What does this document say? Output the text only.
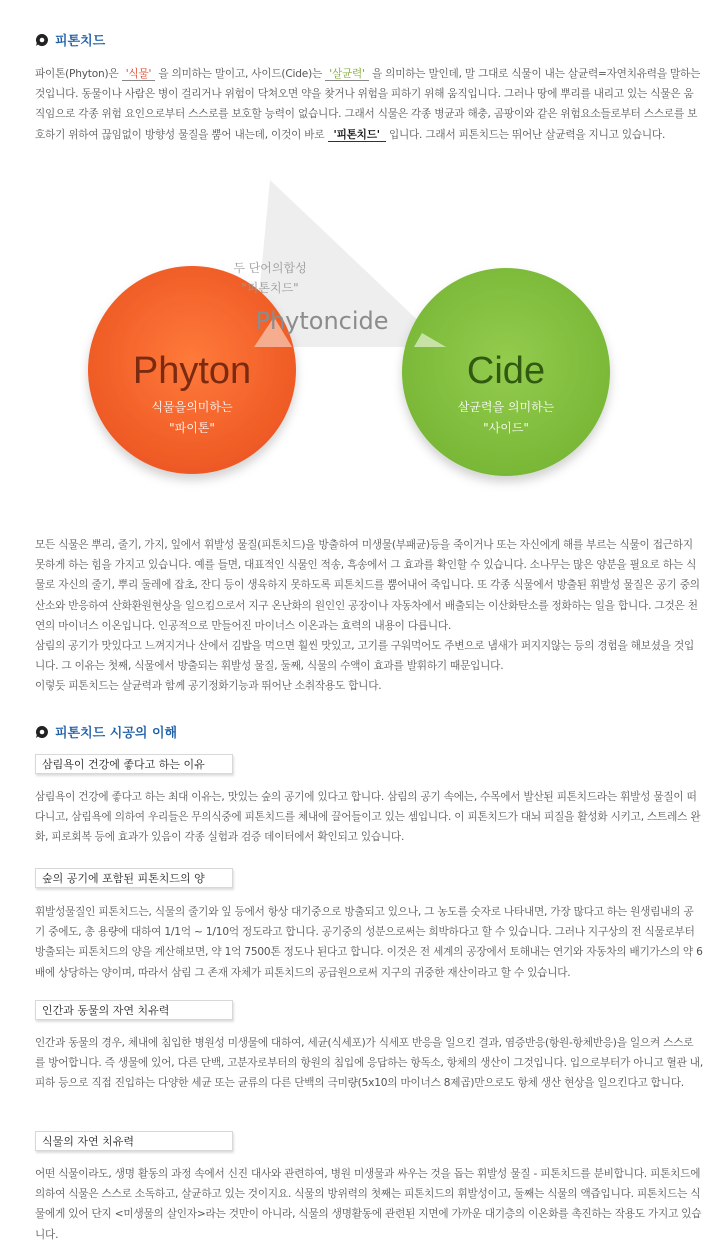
피톤치드
파이톤(Phyton)은 '식물' 을 의미하는 말이고, 사이드(Cide)는 '살균력' 을 의미하는 말인데, 말 그대로 식물이 내는 살균력=자연치유력을 말하는 것입니다. 동물이나 사람은 병이 걸리거나 위험이 닥쳐오면 약을 찾거나 위험을 피하기 위해 움직입니다. 그러나 땅에 뿌리를 내리고 있는 식물은 움직임으로 각종 위험 요인으로부터 스스로를 보호할 능력이 없습니다. 그래서 식물은 각종 병균과 해충, 곰팡이와 같은 위험요소들로부터 스스로를 보호하기 위하여 끊임없이 방향성 물질을 뿜어 내는데, 이것이 바로 '피톤치드' 입니다. 그래서 피톤치드는 뛰어난 살균력을 지니고 있습니다.
두 단어의합성
"피톤치드"
Phytoncide
Phyton
식물을의미하는
"파이톤"
Cide
살균력을 의미하는
"사이드"
모든 식물은 뿌리, 줄기, 가지, 잎에서 휘발성 물질(피톤치드)을 방출하여 미생물(부패균)등을 죽이거나 또는 자신에게 해를 부르는 식물이 접근하지 못하게 하는 힘을 가지고 있습니다. 예를 들면, 대표적인 식물인 적송, 흑송에서 그 효과를 확인할 수 있습니다. 소나무는 많은 양분을 필요로 하는 식물로 자신의 줄기, 뿌리 둘레에 잡초, 잔디 등이 생육하지 못하도록 피톤치드를 뿜어내어 죽입니다. 또 각종 식물에서 방출된 휘발성 물질은 공기 중의 산소와 반응하여 산화환원현상을 일으킴으로서 지구 온난화의 원인인 공장이나 자동차에서 배출되는 이산화탄소를 정화하는 일을 합니다. 그것은 천연의 마이너스 이온입니다. 인공적으로 만들어진 마이너스 이온과는 효력의 내용이 다릅니다.
삼림의 공기가 맛있다고 느껴지거나 산에서 김밥을 먹으면 훨씬 맛있고, 고기를 구워먹어도 주변으로 냄새가 퍼지지않는 등의 경험을 해보셨을 것입니다. 그 이유는 첫째, 식물에서 방출되는 휘발성 물질, 둘째, 식물의 수액이 효과를 발휘하기 때문입니다.
이렇듯 피톤치드는 살균력과 함께 공기정화기능과 뛰어난 소취작용도 합니다.
피톤치드 시공의 이해
삼림욕이 건강에 좋다고 하는 이유
삼림욕이 건강에 좋다고 하는 최대 이유는, 맛있는 숲의 공기에 있다고 합니다. 삼림의 공기 속에는, 수목에서 발산된 피톤치드라는 휘발성 물질이 떠다니고, 삼림욕에 의하여 우리들은 무의식중에 피톤치드를 체내에 끌어들이고 있는 셈입니다. 이 피톤치드가 대뇌 피질을 활성화 시키고, 스트레스 완화, 피로회복 등에 효과가 있음이 각종 실험과 검증 데이터에서 확인되고 있습니다.
숲의 공기에 포함된 피톤치드의 양
휘발성물질인 피톤치드는, 식물의 줄기와 잎 등에서 항상 대기중으로 방출되고 있으나, 그 농도를 숫자로 나타내면, 가장 많다고 하는 원생림내의 공기 중에도, 총 용량에 대하여 1/1억 ~ 1/10억 정도라고 합니다. 공기중의 성분으로써는 희박하다고 할 수 있습니다. 그러나 지구상의 전 식물로부터 방출되는 피톤치드의 양을 계산해보면, 약 1억 7500톤 정도나 된다고 합니다. 이것은 전 세계의 공장에서 토해내는 연기와 자동차의 배기가스의 약 6배에 상당하는 양이며, 따라서 삼림 그 존재 자체가 피톤치드의 공급원으로써 지구의 귀중한 재산이라고 할 수 있습니다.
인간과 동물의 자연 치유력
인간과 동물의 경우, 체내에 침입한 병원성 미생물에 대하여, 세균(식세포)가 식세포 반응을 일으킨 결과, 염증반응(항원-항체반응)을 일으켜 스스로를 방어합니다. 즉 생물에 있어, 다른 단백, 고분자로부터의 항원의 침입에 응답하는 항독소, 항체의 생산이 그것입니다. 입으로부터가 아니고 혈관 내, 피하 등으로 직접 진입하는 다양한 세균 또는 균류의 다른 단백의 극미량(5x10의 마이너스 8제곱)만으로도 항체 생산 현상을 일으킨다고 합니다.
식물의 자연 치유력
어떤 식물이라도, 생명 활동의 과정 속에서 신진 대사와 관련하여, 병원 미생물과 싸우는 것을 돕는 휘발성 물질 - 피톤치드를 분비합니다. 피톤치드에 의하여 식물은 스스로 소독하고, 살균하고 있는 것이지요. 식물의 방위력의 첫째는 피톤치드의 휘발성이고, 둘째는 식물의 액즙입니다. 피톤치드는 식물에게 있어 단지 <미생물의 살인자>라는 것만이 아니라, 식물의 생명활동에 관련된 지면에 가까운 대기층의 이온화를 촉진하는 작용도 가지고 있습니다.
